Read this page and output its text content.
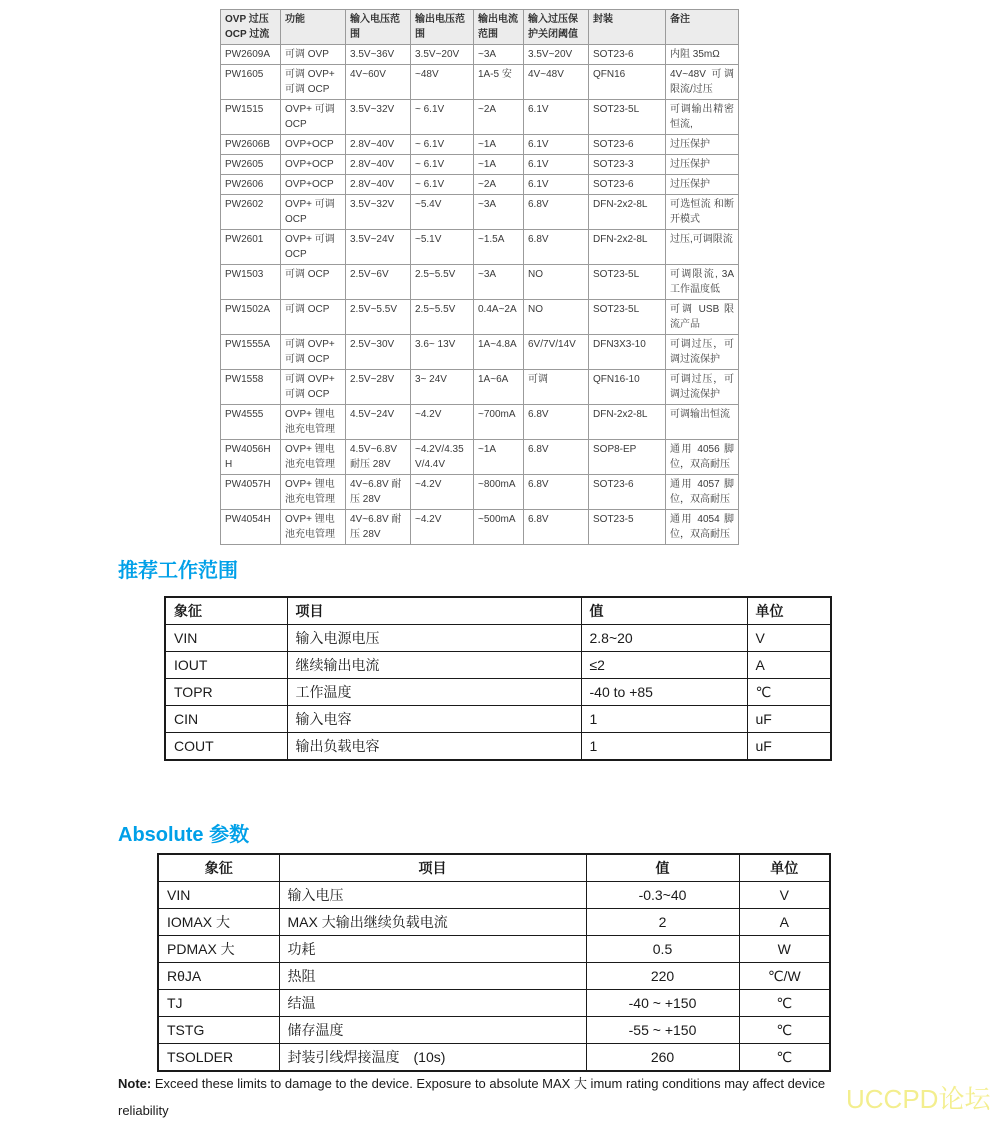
OVP 过压 OCP 过流	功能	输入电压范围	输出电压范围	输出电流 范围	输入过压保护关闭阈值	封装	备注
PW2609A	可调 OVP	3.5V~36V	3.5V~20V	~3A	3.5V~20V	SOT23-6	内阻 35mΩ
PW1605	可调 OVP+ 可调 OCP	4V~60V	~48V	1A-5 安	4V~48V	QFN16	4V~48V 可调限流/过压
PW1515	OVP+ 可调 OCP	3.5V~32V	~ 6.1V	~2A	6.1V	SOT23-5L	可调输出精密恒流,
PW2606B	OVP+OCP	2.8V~40V	~ 6.1V	~1A	6.1V	SOT23-6	过压保护
PW2605	OVP+OCP	2.8V~40V	~ 6.1V	~1A	6.1V	SOT23-3	过压保护
PW2606	OVP+OCP	2.8V~40V	~ 6.1V	~2A	6.1V	SOT23-6	过压保护
PW2602	OVP+ 可调 OCP	3.5V~32V	~5.4V	~3A	6.8V	DFN-2x2-8L	可选恒流 和断开模式
PW2601	OVP+ 可调 OCP	3.5V~24V	~5.1V	~1.5A	6.8V	DFN-2x2-8L	过压,可调限流
PW1503	可调 OCP	2.5V~6V	2.5~5.5V	~3A	NO	SOT23-5L	可调限流, 3A 工作温度低
PW1502A	可调 OCP	2.5V~5.5V	2.5~5.5V	0.4A~2A	NO	SOT23-5L	可调 USB 限流产品
PW1555A	可调 OVP+ 可调 OCP	2.5V~30V	3.6~ 13V	1A~4.8A	6V/7V/14V	DFN3X3-10	可调过压，可调过流保护
PW1558	可调 OVP+ 可调 OCP	2.5V~28V	3~ 24V	1A~6A	可调	QFN16-10	可调过压，可调过流保护
PW4555	OVP+ 锂电池充电管理	4.5V~24V	~4.2V	~700mA	6.8V	DFN-2x2-8L	可调输出恒流
PW4056HH	OVP+ 锂电池充电管理	4.5V~6.8V 耐压 28V	~4.2V/4.35V/4.4V	~1A	6.8V	SOP8-EP	通用 4056 脚位，双高耐压
PW4057H	OVP+ 锂电池充电管理	4V~6.8V 耐压 28V	~4.2V	~800mA	6.8V	SOT23-6	通用 4057 脚位，双高耐压
PW4054H	OVP+ 锂电池充电管理	4V~6.8V 耐压 28V	~4.2V	~500mA	6.8V	SOT23-5	通用 4054 脚位，双高耐压
推荐工作范围
象征	项目	值	单位
VIN	输入电源电压	2.8~20	V
IOUT	继续输出电流	≤2	A
TOPR	工作温度	-40 to +85	℃
CIN	输入电容	1	uF
COUT	输出负载电容	1	uF
Absolute 参数
象征	项目	值	单位
VIN	输入电压	-0.3~40	V
IOMAX 大	MAX 大输出继续负载电流	2	A
PDMAX 大	功耗	0.5	W
RθJA	热阻	220	℃/W
TJ	结温	-40 ~ +150	℃
TSTG	储存温度	-55 ~ +150	℃
TSOLDER	封装引线焊接温度　(10s)	260	℃

Note: Exceed these limits to damage to the device. Exposure to absolute MAX 大 imum rating conditions may affect device reliability	UCCPD论坛
